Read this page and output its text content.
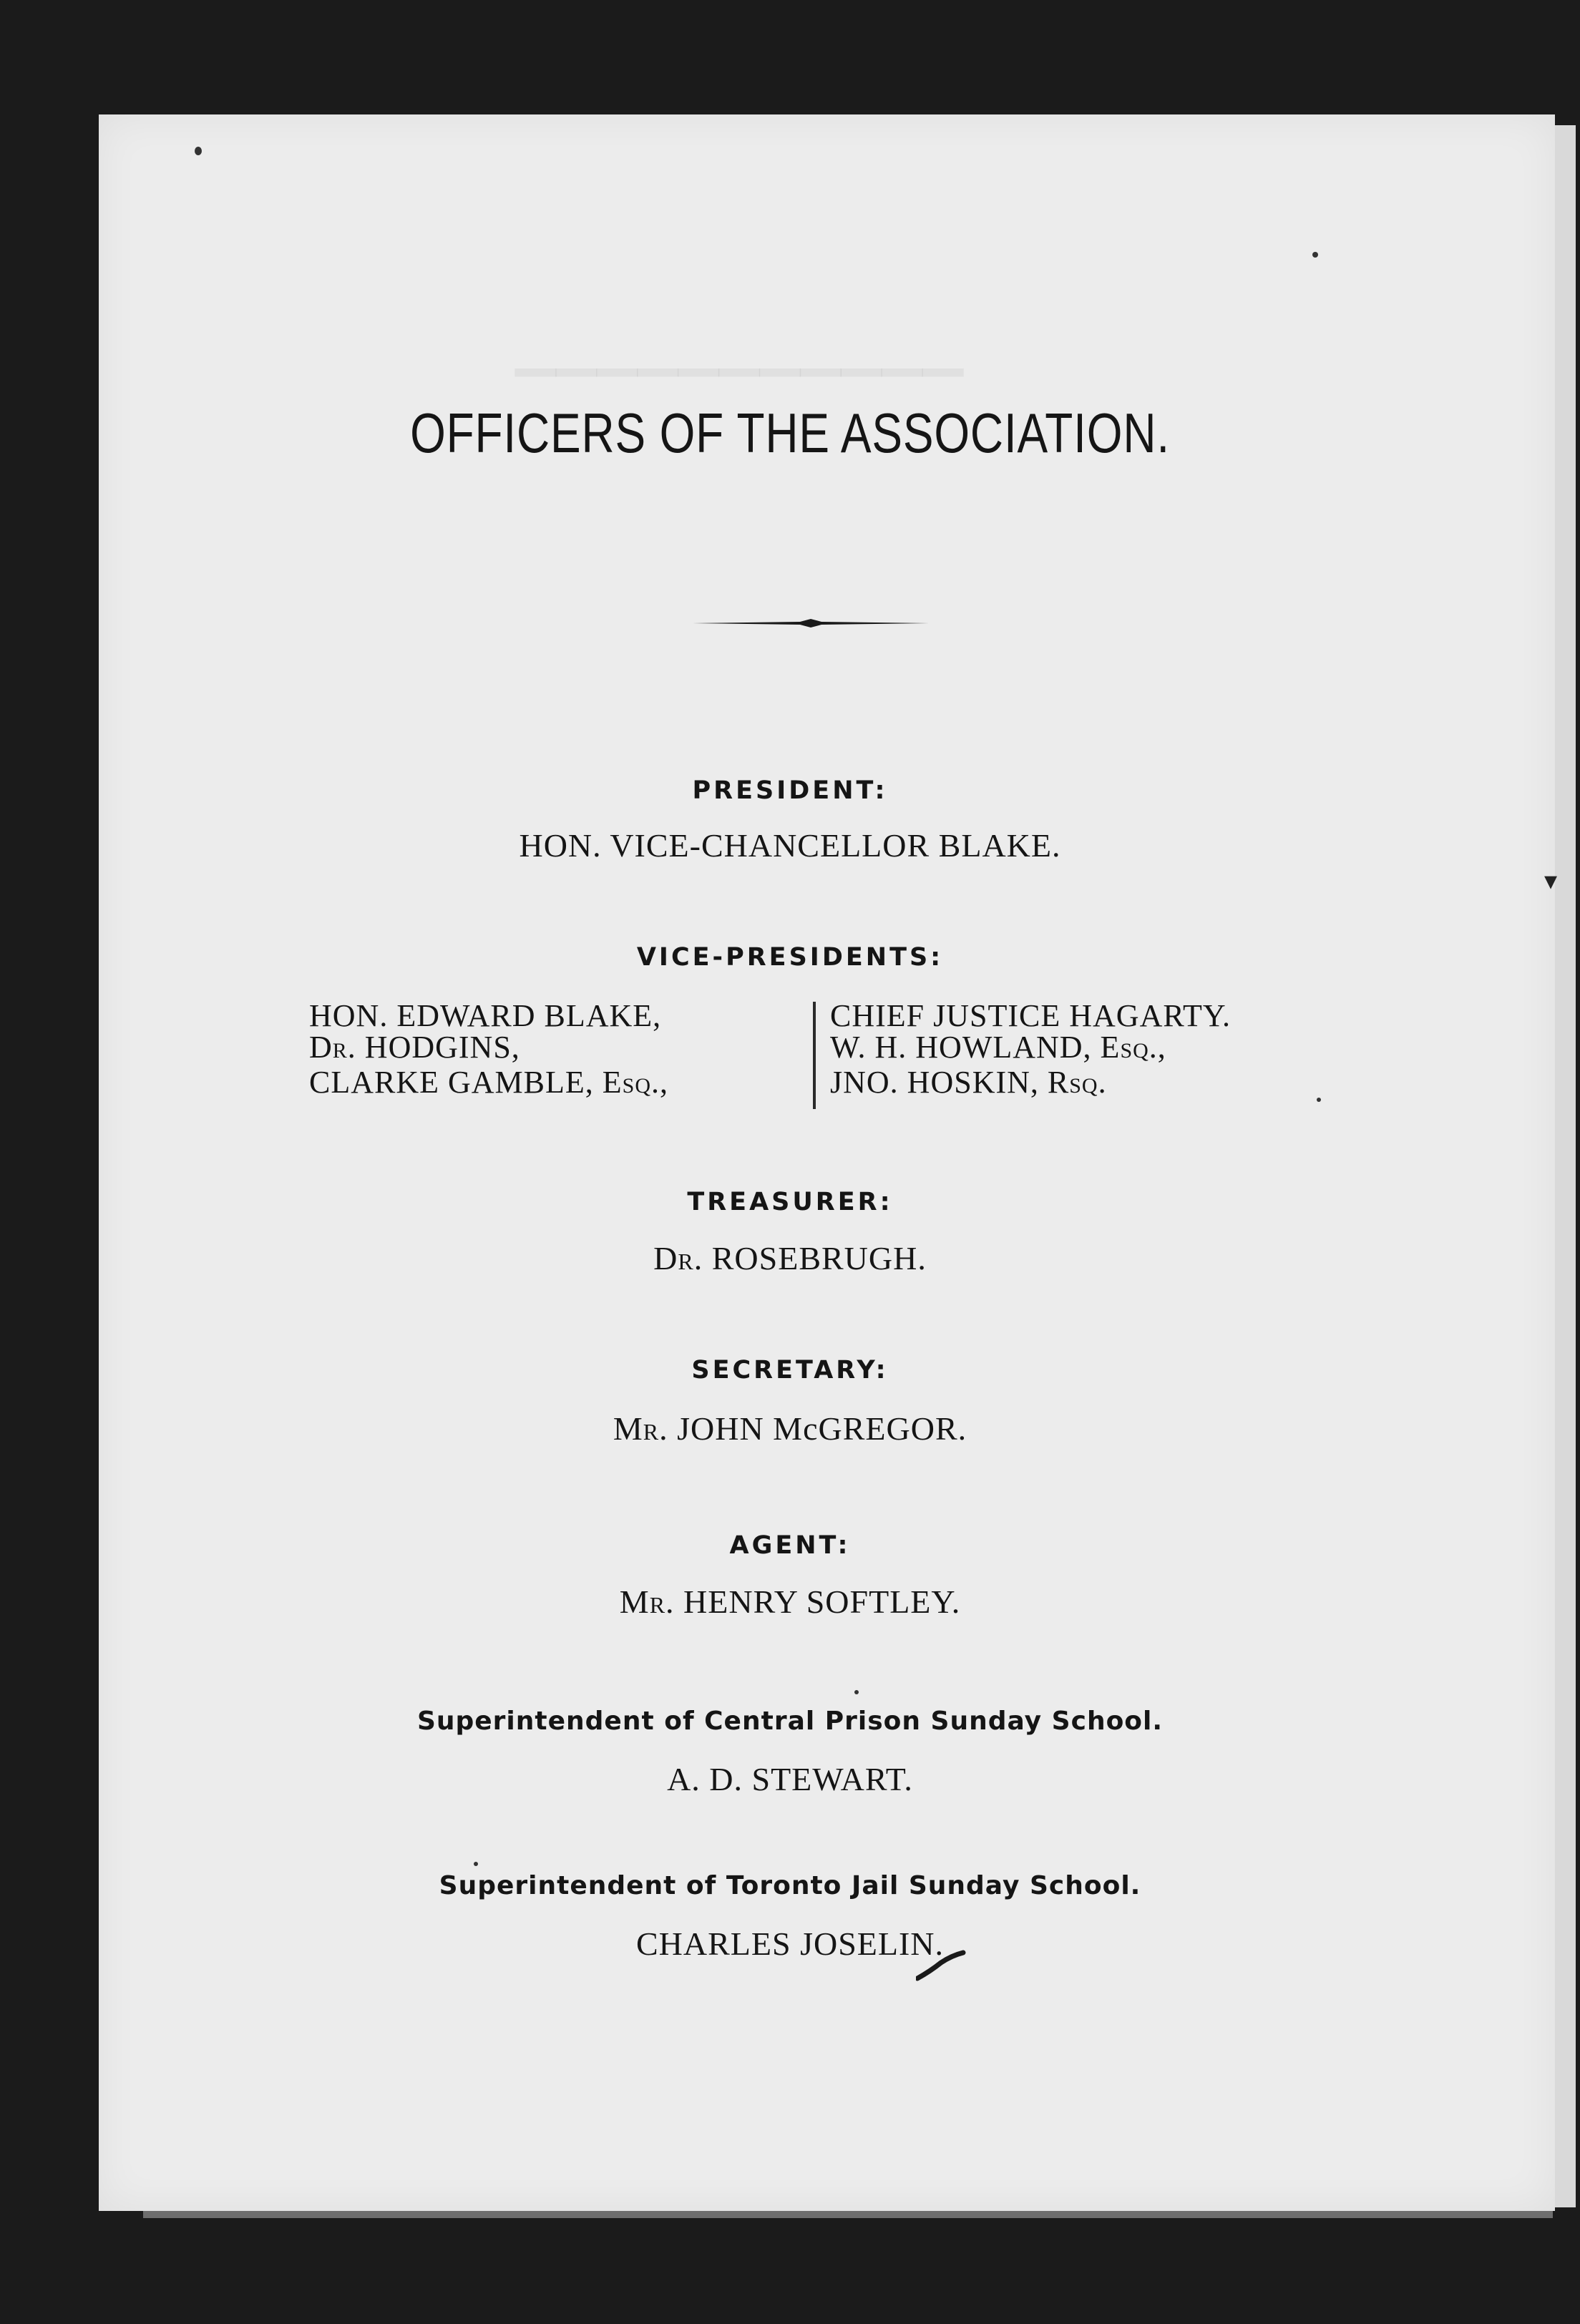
▾
▁▁▁▁▁▁▁▁▁▁▁
OFFICERS OF THE ASSOCIATION.
PRESIDENT:
HON. VICE-CHANCELLOR BLAKE.
VICE-PRESIDENTS:
HON. EDWARD BLAKE,
DR. HODGINS,
CLARKE GAMBLE, ESQ.,
CHIEF JUSTICE HAGARTY.
W. H. HOWLAND, ESQ.,
JNO. HOSKIN, RSQ.
TREASURER:
DR. ROSEBRUGH.
SECRETARY:
MR. JOHN McGREGOR.
AGENT:
MR. HENRY SOFTLEY.
Superintendent of Central Prison Sunday School.
A. D. STEWART.
Superintendent of Toronto Jail Sunday School.
CHARLES JOSELIN.
